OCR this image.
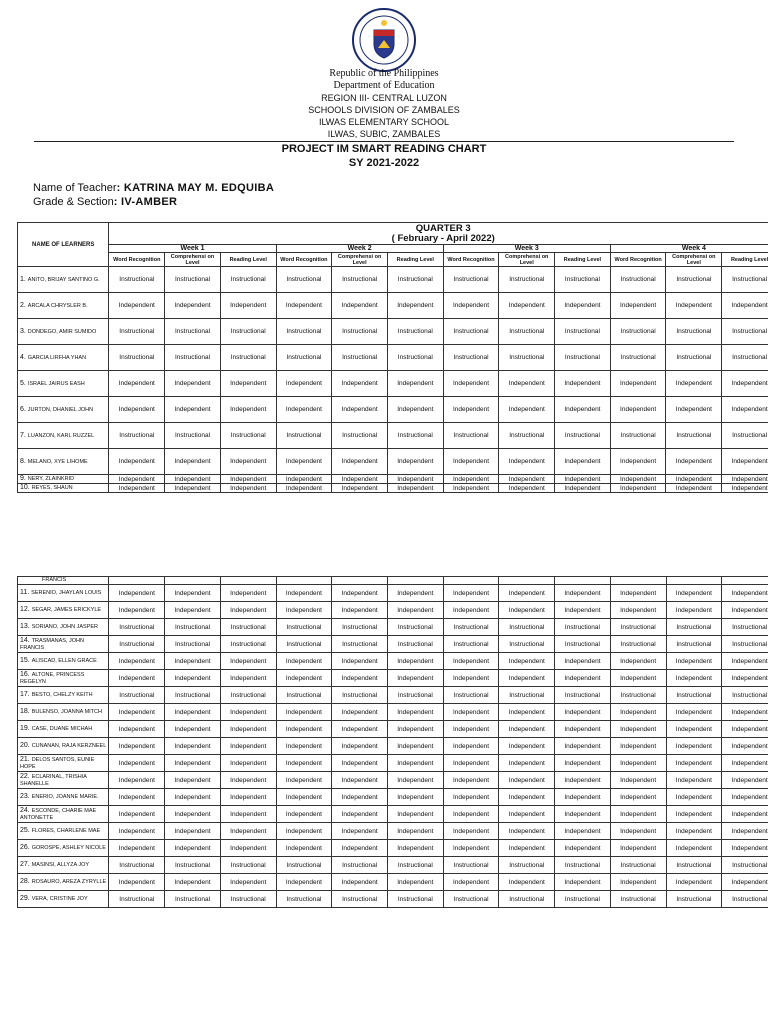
Republic of the Philippines
Department of Education
REGION III- CENTRAL LUZON
SCHOOLS DIVISION OF ZAMBALES
ILWAS ELEMENTARY SCHOOL
ILWAS, SUBIC, ZAMBALES
PROJECT IM SMART READING CHART
SY 2021-2022
Name of Teacher: KATRINA MAY M. EDQUIBA
Grade & Section: IV-AMBER
NAME OF LEARNERS	QUARTER 3
( February - April 2022)											

	Week 1			Week 2			Week 3			Week 4		
	Word Recognition	Comprehensi on Level	Reading Level	Word Recognition	Comprehensi on Level	Reading Level	Word Recognition	Comprehensi on Level	Reading Level	Word Recognition	Comprehensi on Level	Reading Level
1. ANITO, BRIJAY SANTINO G.	Instructional	Instructional	Instructional	Instructional	Instructional	Instructional	Instructional	Instructional	Instructional	Instructional	Instructional	Instructional
2. ARCALA CHRYSLER B.	Independent	Independent	Independent	Independent	Independent	Independent	Independent	Independent	Independent	Independent	Independent	Independent
3. DONDEGO, AMIR SUMIDO	Instructional	Instructional	Instructional	Instructional	Instructional	Instructional	Instructional	Instructional	Instructional	Instructional	Instructional	Instructional
4. GARCIA LIRFHA YHAN	Instructional	Instructional	Instructional	Instructional	Instructional	Instructional	Instructional	Instructional	Instructional	Instructional	Instructional	Instructional
5. ISRAEL JAIRUS EASH	Independent	Independent	Independent	Independent	Independent	Independent	Independent	Independent	Independent	Independent	Independent	Independent
6. JURTON, DHANIEL JOHN	Independent	Independent	Independent	Independent	Independent	Independent	Independent	Independent	Independent	Independent	Independent	Independent
7. LUANZON, KARL RUZZEL	Instructional	Instructional	Instructional	Instructional	Instructional	Instructional	Instructional	Instructional	Instructional	Instructional	Instructional	Instructional
8. MELANO, XYE LIHOME	Independent	Independent	Independent	Independent	Independent	Independent	Independent	Independent	Independent	Independent	Independent	Independent
9. NERY, ZLAINKRID	Independent	Independent	Independent	Independent	Independent	Independent	Independent	Independent	Independent	Independent	Independent	Independent
10. REYES, SHAUN	Independent	Independent	Independent	Independent	Independent	Independent	Independent	Independent	Independent	Independent	Independent	Independent
FRANCIS												
11. SERENIO, JHAYLAN LOUIS	Independent	Independent	Independent	Independent	Independent	Independent	Independent	Independent	Independent	Independent	Independent	Independent
12. SEGAR, JAMES ERICKYLE	Independent	Independent	Independent	Independent	Independent	Independent	Independent	Independent	Independent	Independent	Independent	Independent
13. SORIANO, JOHN JASPER	Instructional	Instructional	Instructional	Instructional	Instructional	Instructional	Instructional	Instructional	Instructional	Instructional	Instructional	Instructional
14. TRASMANAS, JOHN FRANCIS	Instructional	Instructional	Instructional	Instructional	Instructional	Instructional	Instructional	Instructional	Instructional	Instructional	Instructional	Instructional
15. ALISCAD, ELLEN GRACE	Independent	Independent	Independent	Independent	Independent	Independent	Independent	Independent	Independent	Independent	Independent	Independent
16. ALTONE, PRINCESS REGELYN	Independent	Independent	Independent	Independent	Independent	Independent	Independent	Independent	Independent	Independent	Independent	Independent
17. BESTO, CHELZY KEITH	Instructional	Instructional	Instructional	Instructional	Instructional	Instructional	Instructional	Instructional	Instructional	Instructional	Instructional	Instructional
18. BULENSO, JOANNA MITCH	Independent	Independent	Independent	Independent	Independent	Independent	Independent	Independent	Independent	Independent	Independent	Independent
19. CASE, DUANE MICHAH	Independent	Independent	Independent	Independent	Independent	Independent	Independent	Independent	Independent	Independent	Independent	Independent
20. CUNANAN, RAJA KERZNEEL	Independent	Independent	Independent	Independent	Independent	Independent	Independent	Independent	Independent	Independent	Independent	Independent
21. DELOS SANTOS, EUNIE HOPE	Independent	Independent	Independent	Independent	Independent	Independent	Independent	Independent	Independent	Independent	Independent	Independent
22. ECLARINAL, TRISHIA SHANELLE	Independent	Independent	Independent	Independent	Independent	Independent	Independent	Independent	Independent	Independent	Independent	Independent
23. ENERIO, JOANNE MARIE.	Independent	Independent	Independent	Independent	Independent	Independent	Independent	Independent	Independent	Independent	Independent	Independent
24. ESCONDE, CHARIE MAE ANTONETTE	Independent	Independent	Independent	Independent	Independent	Independent	Independent	Independent	Independent	Independent	Independent	Independent
25. FLORES, CHARLENE MAE	Independent	Independent	Independent	Independent	Independent	Independent	Independent	Independent	Independent	Independent	Independent	Independent
26. GOROSPE, ASHLEY NICOLE	Independent	Independent	Independent	Independent	Independent	Independent	Independent	Independent	Independent	Independent	Independent	Independent
27. MASINSI, ALLYZA JOY	Instructional	Instructional	Instructional	Instructional	Instructional	Instructional	Instructional	Instructional	Instructional	Instructional	Instructional	Instructional
28. ROSAURO, AREZA ZYRYLLE	Independent	Independent	Independent	Independent	Independent	Independent	Independent	Independent	Independent	Independent	Independent	Independent
29. VERA, CRISTINE JOY	Instructional	Instructional	Instructional	Instructional	Instructional	Instructional	Instructional	Instructional	Instructional	Instructional	Instructional	Instructional
